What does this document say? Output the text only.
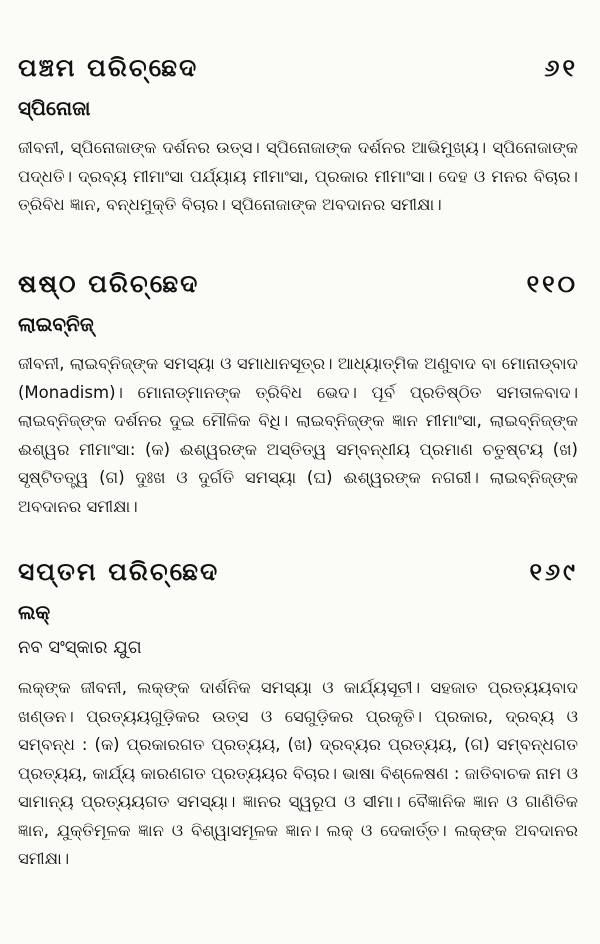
ପଞ୍ଚମ ପରିଚ୍ଛେଦ	୬୧
ସ୍ପିନୋଜା
ଜୀବନୀ, ସ୍ପିନୋଜାଙ୍କ ଦର୍ଶନର ଉତ୍ସ। ସ୍ପିନୋଜାଙ୍କ ଦର୍ଶନର ଆଭିମୁଖ୍ୟ। ସ୍ପିନୋଜାଙ୍କ ପଦ୍ଧତି। ଦ୍ରବ୍ୟ ମୀମାଂସା ପର୍ଯ୍ୟାୟ ମୀମାଂସା, ପ୍ରକାର ମୀମାଂସା। ଦେହ ଓ ମନର ବିଚାର। ତ୍ରିବିଧ ଜ୍ଞାନ, ବନ୍ଧମୁକ୍ତି ବିଚାର। ସ୍ପିନୋଜାଙ୍କ ଅବଦାନର ସମୀକ୍ଷା।
ଷଷ୍ଠ ପରିଚ୍ଛେଦ	୧୧୦
ଲାଇବ୍ନିଜ୍
ଜୀବନୀ, ଲାଇବ୍ନିଜ୍ଙ୍କ ସମସ୍ୟା ଓ ସମାଧାନସୂତ୍ର। ଆଧ୍ୟାତ୍ମିକ ଅଣୁବାଦ ବା ମୋନାଡ୍ବାଦ (Monadism)। ମୋନାଡ୍ମାନଙ୍କ ତ୍ରିବିଧ ଭେଦ। ପୂର୍ବ ପ୍ରତିଷ୍ଠିତ ସମତାଳବାଦ। ଲାଇବ୍ନିଜ୍ଙ୍କ ଦର୍ଶନର ଦୁଇ ମୌଳିକ ବିଧି। ଲାଇବ୍ନିଜ୍ଙ୍କ ଜ୍ଞାନ ମୀମାଂସା, ଲାଇବ୍ନିଜ୍ଙ୍କ ଈଶ୍ୱର ମୀମାଂସା: (କ) ଈଶ୍ୱରଙ୍କ ଅସ୍ତିତ୍ୱ ସମ୍ବନ୍ଧୀୟ ପ୍ରମାଣ ଚତୁଷ୍ଟୟ (ଖ) ସୃଷ୍ଟିତତ୍ତ୍ୱ (ଗ) ଦୁଃଖ ଓ ଦୁର୍ଗତି ସମସ୍ୟା (ଘ) ଈଶ୍ୱରଙ୍କ ନଗରୀ। ଲାଇବ୍ନିଜ୍ଙ୍କ ଅବଦାନର ସମୀକ୍ଷା।
ସପ୍ତମ ପରିଚ୍ଛେଦ	୧୬୯
ଲକ୍
ନବ ସଂସ୍କାର ଯୁଗ
ଲକ୍ଙ୍କ ଜୀବନୀ, ଲକ୍ଙ୍କ ଦାର୍ଶନିକ ସମସ୍ୟା ଓ କାର୍ଯ୍ୟସୂଚୀ। ସହଜାତ ପ୍ରତ୍ୟୟବାଦ ଖଣ୍ଡନ। ପ୍ରତ୍ୟୟଗୁଡ଼ିକର ଉତ୍ସ ଓ ସେଗୁଡ଼ିକର ପ୍ରକୃତି। ପ୍ରକାର, ଦ୍ରବ୍ୟ ଓ ସମ୍ବନ୍ଧ : (କ) ପ୍ରକାରଗତ ପ୍ରତ୍ୟୟ, (ଖ) ଦ୍ରବ୍ୟର ପ୍ରତ୍ୟୟ, (ଗ) ସମ୍ବନ୍ଧଗତ ପ୍ରତ୍ୟୟ, କାର୍ଯ୍ୟ କାରଣଗତ ପ୍ରତ୍ୟୟର ବିଚାର। ଭାଷା ବିଶ୍ଳେଷଣ : ଜାତିବାଚକ ନାମ ଓ ସାମାନ୍ୟ ପ୍ରତ୍ୟୟଗତ ସମସ୍ୟା। ଜ୍ଞାନର ସ୍ୱରୂପ ଓ ସୀମା। ବୈଜ୍ଞାନିକ ଜ୍ଞାନ ଓ ଗାଣିତିକ ଜ୍ଞାନ, ଯୁକ୍ତିମୂଳକ ଜ୍ଞାନ ଓ ବିଶ୍ୱାସମୂଳକ ଜ୍ଞାନ। ଲକ୍ ଓ ଦେକାର୍ତ୍ତ। ଲକ୍ଙ୍କ ଅବଦାନର ସମୀକ୍ଷା।
